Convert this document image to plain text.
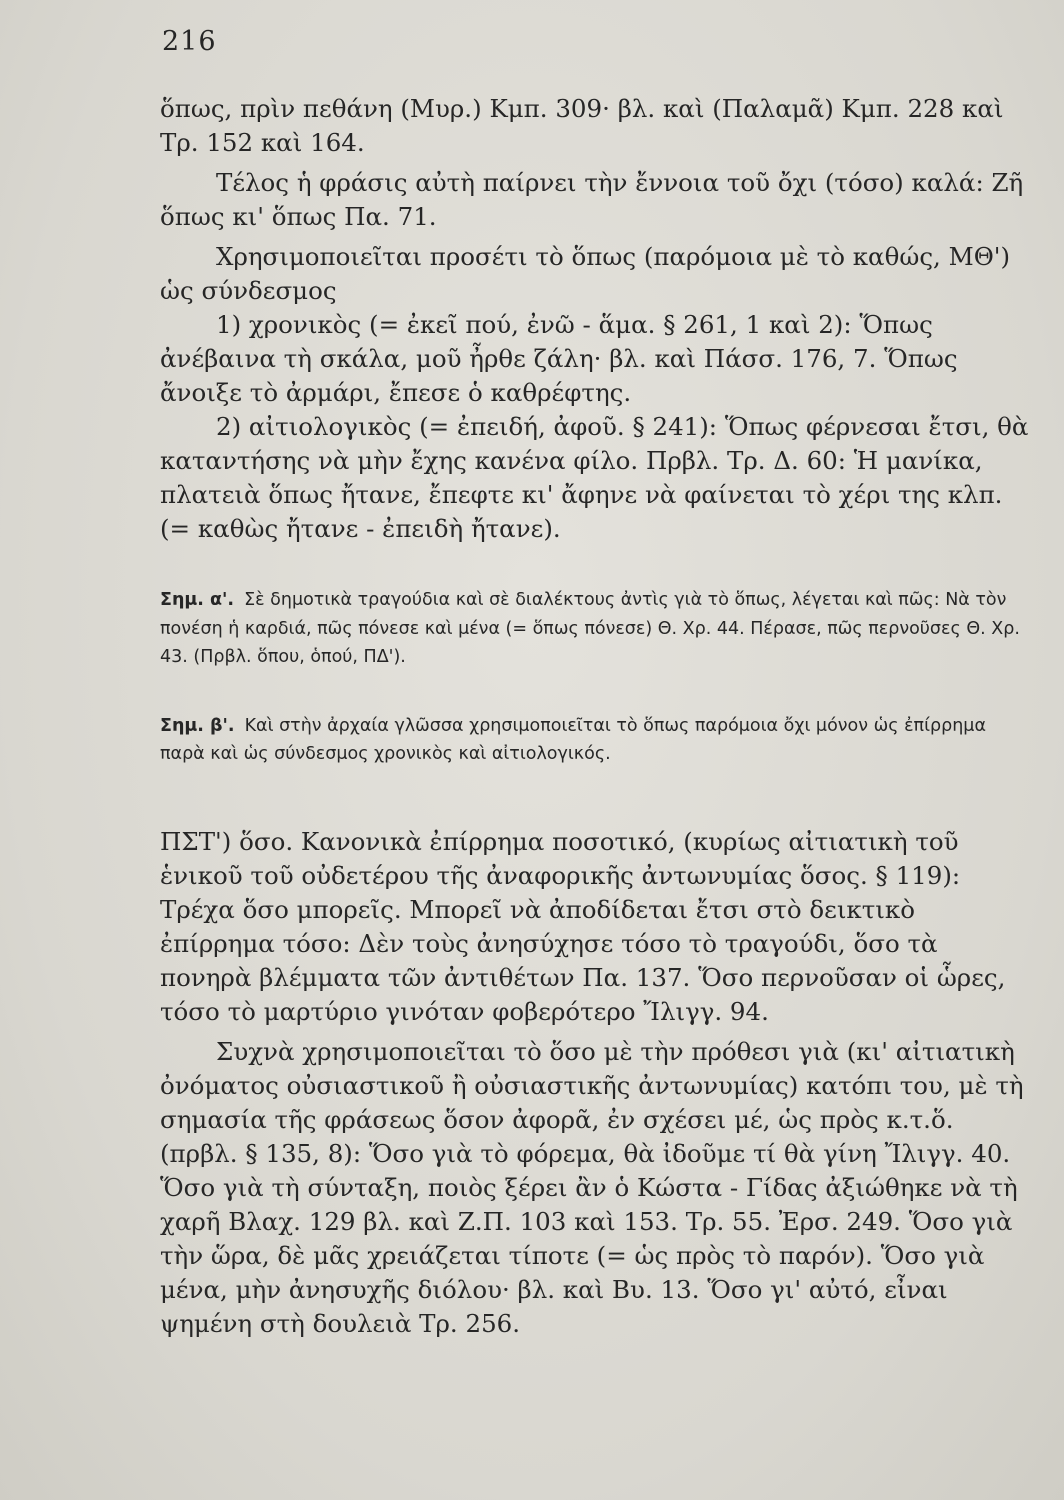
216

ὅπως, πρὶν πεθάνη (Μυρ.) Κμπ. 309· βλ. καὶ (Παλαμᾶ) Κμπ. 228 καὶ Τρ. 152 καὶ 164.

Τέλος ἡ φράσις αὐτὴ παίρνει τὴν ἔννοια τοῦ ὄχι (τόσο) καλά: Ζῆ ὅπως κι' ὅπως Πα. 71.

Χρησιμοποιεῖται προσέτι τὸ ὅπως (παρόμοια μὲ τὸ καθώς, ΜΘ') ὡς σύνδεσμος

1) χρονικὸς (= ἐκεῖ πού, ἐνῶ - ἅμα. § 261, 1 καὶ 2): Ὅπως ἀνέβαινα τὴ σκάλα, μοῦ ἦρθε ζάλη· βλ. καὶ Πάσσ. 176, 7. Ὅπως ἄνοιξε τὸ ἀρμάρι, ἔπεσε ὁ καθρέφτης.

2) αἰτιολογικὸς (= ἐπειδή, ἀφοῦ. § 241): Ὅπως φέρνεσαι ἔτσι, θὰ καταντήσης νὰ μὴν ἔχης κανένα φίλο. Πρβλ. Τρ. Δ. 60: Ἡ μανίκα, πλατειὰ ὅπως ἤτανε, ἔπεφτε κι' ἄφηνε νὰ φαίνεται τὸ χέρι της κλπ. (= καθὼς ἤτανε - ἐπειδὴ ἤτανε).

Σημ. α'. Σὲ δημοτικὰ τραγούδια καὶ σὲ διαλέκτους ἀντὶς γιὰ τὸ ὅπως, λέγεται καὶ πῶς: Νὰ τὸν πονέση ἡ καρδιά, πῶς πόνεσε καὶ μένα (= ὅπως πόνεσε) Θ. Χρ. 44. Πέρασε, πῶς περνοῦσες Θ. Χρ. 43. (Πρβλ. ὅπου, ὁπού, ΠΔ').

Σημ. β'. Καὶ στὴν ἀρχαία γλῶσσα χρησιμοποιεῖται τὸ ὅπως παρόμοια ὄχι μόνον ὡς ἐπίρρημα παρὰ καὶ ὡς σύνδεσμος χρονικὸς καὶ αἰτιολογικός.

ΠΣΤ') ὅσο. Κανονικὰ ἐπίρρημα ποσοτικό, (κυρίως αἰτιατικὴ τοῦ ἑνικοῦ τοῦ οὐδετέρου τῆς ἀναφορικῆς ἀντωνυμίας ὅσος. § 119): Τρέχα ὅσο μπορεῖς. Μπορεῖ νὰ ἀποδίδεται ἔτσι στὸ δεικτικὸ ἐπίρρημα τόσο: Δὲν τοὺς ἀνησύχησε τόσο τὸ τραγούδι, ὅσο τὰ πονηρὰ βλέμματα τῶν ἀντιθέτων Πα. 137. Ὅσο περνοῦσαν οἱ ὧρες, τόσο τὸ μαρτύριο γινόταν φοβερότερο Ἴλιγγ. 94.

Συχνὰ χρησιμοποιεῖται τὸ ὅσο μὲ τὴν πρόθεσι γιὰ (κι' αἰτιατικὴ ὀνόματος οὐσιαστικοῦ ἢ οὐσιαστικῆς ἀντωνυμίας) κατόπι του, μὲ τὴ σημασία τῆς φράσεως ὅσον ἀφορᾶ, ἐν σχέσει μέ, ὡς πρὸς κ.τ.ὅ. (πρβλ. § 135, 8): Ὅσο γιὰ τὸ φόρεμα, θὰ ἰδοῦμε τί θὰ γίνη Ἴλιγγ. 40. Ὅσο γιὰ τὴ σύνταξη, ποιὸς ξέρει ἂν ὁ Κώστα - Γίδας ἀξιώθηκε νὰ τὴ χαρῆ Βλαχ. 129 βλ. καὶ Ζ.Π. 103 καὶ 153. Τρ. 55. Ἐρσ. 249. Ὅσο γιὰ τὴν ὥρα, δὲ μᾶς χρειάζεται τίποτε (= ὡς πρὸς τὸ παρόν). Ὅσο γιὰ μένα, μὴν ἀνησυχῆς διόλου· βλ. καὶ Βυ. 13. Ὅσο γι' αὐτό, εἶναι ψημένη στὴ δουλειὰ Τρ. 256.
